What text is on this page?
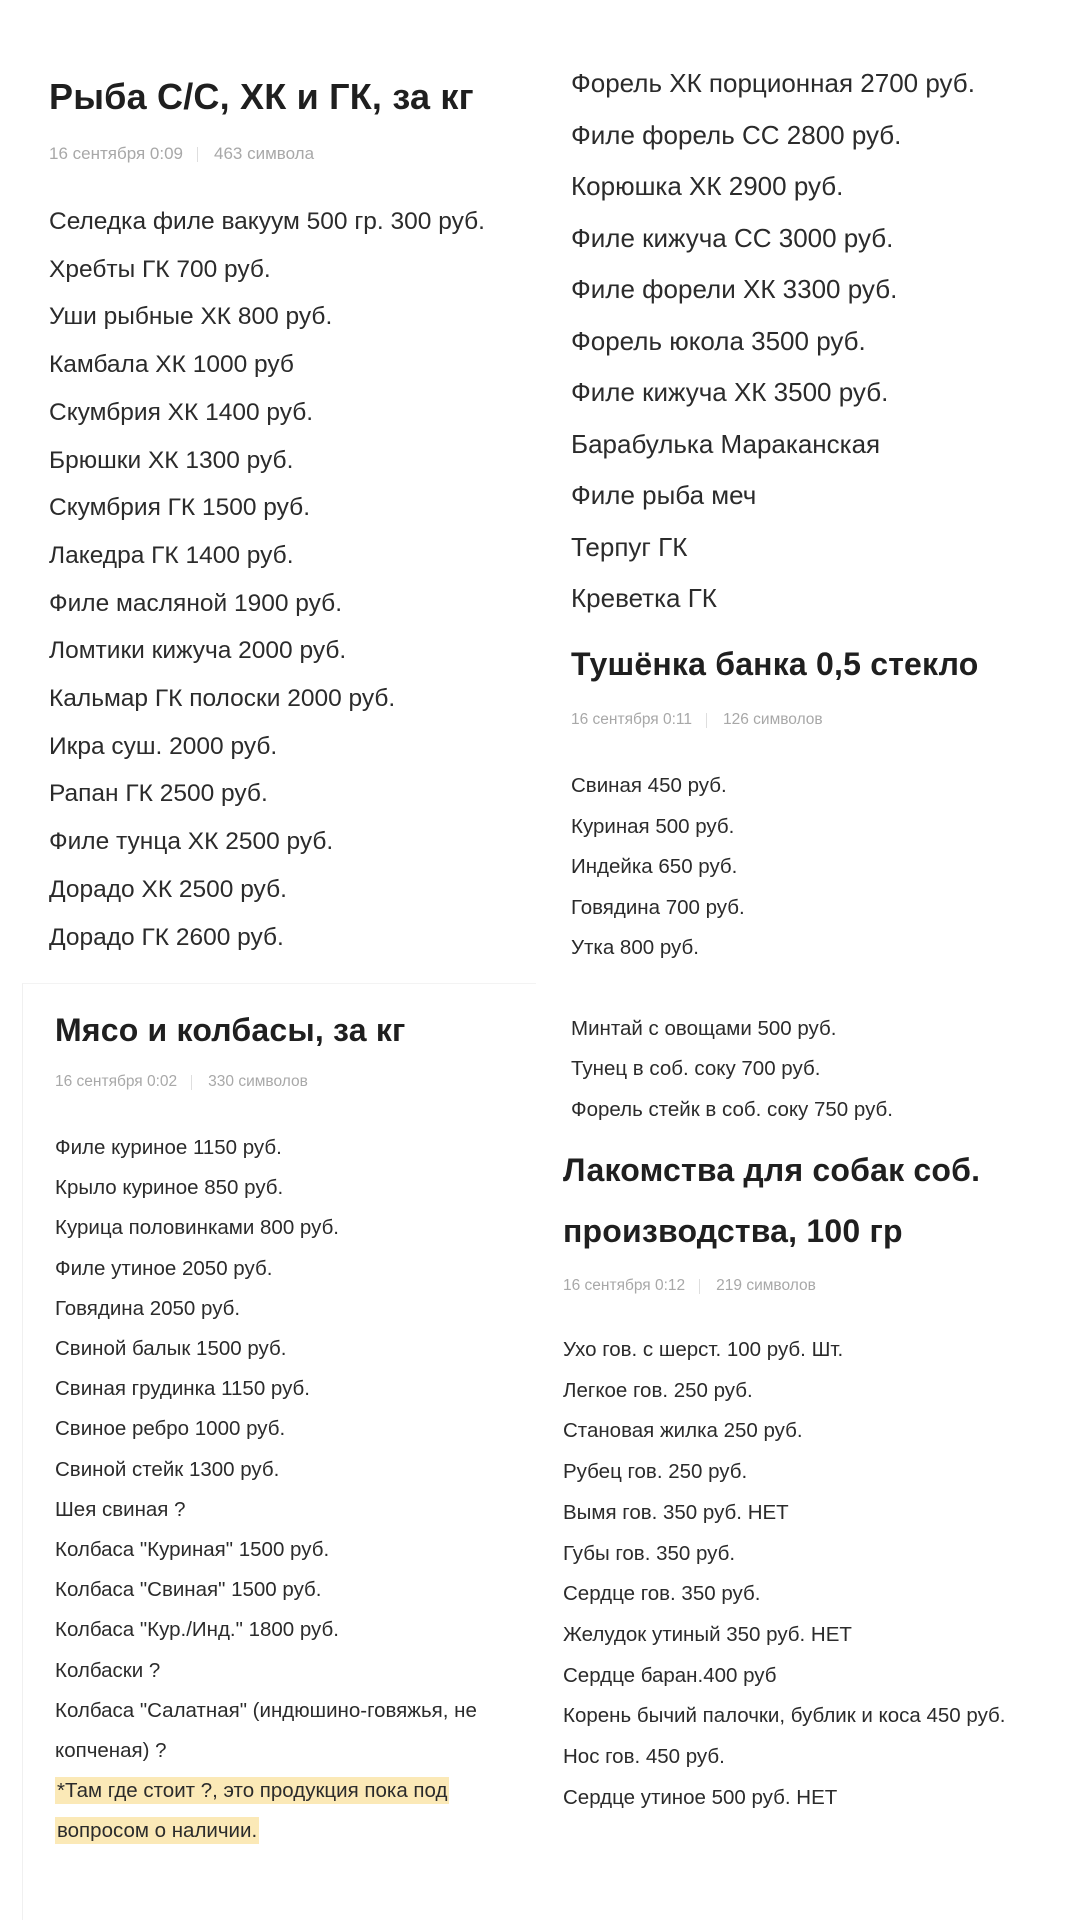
Рыба С/С, ХК и ГК, за кг
16 сентября 0:09 463 символа
Селедка филе вакуум 500 гр. 300 руб.
Хребты ГК 700 руб.
Уши рыбные ХК 800 руб.
Камбала ХК 1000 руб
Скумбрия ХК 1400 руб.
Брюшки ХК 1300 руб.
Скумбрия ГК 1500 руб.
Лакедра ГК 1400 руб.
Филе масляной 1900 руб.
Ломтики кижуча 2000 руб.
Кальмар ГК полоски 2000 руб.
Икра суш. 2000 руб.
Рапан ГК 2500 руб.
Филе тунца ХК 2500 руб.
Дорадо ХК 2500 руб.
Дорадо ГК 2600 руб.
Форель ХК порционная 2700 руб.
Филе форель СС 2800 руб.
Корюшка ХК 2900 руб.
Филе кижуча СС 3000 руб.
Филе форели ХК 3300 руб.
Форель юкола 3500 руб.
Филе кижуча ХК 3500 руб.
Барабулька Мараканская
Филе рыба меч
Терпуг ГК
Креветка ГК
Тушёнка банка 0,5 стекло
16 сентября 0:11 126 символов
Свиная 450 руб.
Куриная 500 руб.
Индейка 650 руб.
Говядина 700 руб.
Утка 800 руб.
Минтай с овощами 500 руб.
Тунец в соб. соку 700 руб.
Форель стейк в соб. соку 750 руб.
Мясо и колбасы, за кг
16 сентября 0:02 330 символов
Филе куриное 1150 руб.
Крыло куриное 850 руб.
Курица половинками 800 руб.
Филе утиное 2050 руб.
Говядина 2050 руб.
Свиной балык 1500 руб.
Свиная грудинка 1150 руб.
Свиное ребро 1000 руб.
Свиной стейк 1300 руб.
Шея свиная ?
Колбаса "Куриная" 1500 руб.
Колбаса "Свиная" 1500 руб.
Колбаса "Кур./Инд." 1800 руб.
Колбаски ?
Колбаса "Салатная" (индюшино-говяжья, не копченая) ?
*Там где стоит ?, это продукция пока под вопросом о наличии.
Лакомства для собак соб. производства, 100 гр
16 сентября 0:12 219 символов
Ухо гов. с шерст. 100 руб. Шт.
Легкое гов. 250 руб.
Становая жилка 250 руб.
Рубец гов. 250 руб.
Вымя гов. 350 руб. НЕТ
Губы гов. 350 руб.
Сердце гов. 350 руб.
Желудок утиный 350 руб. НЕТ
Сердце баран.400 руб
Корень бычий палочки, бублик и коса 450 руб.
Нос гов. 450 руб.
Сердце утиное 500 руб. НЕТ
